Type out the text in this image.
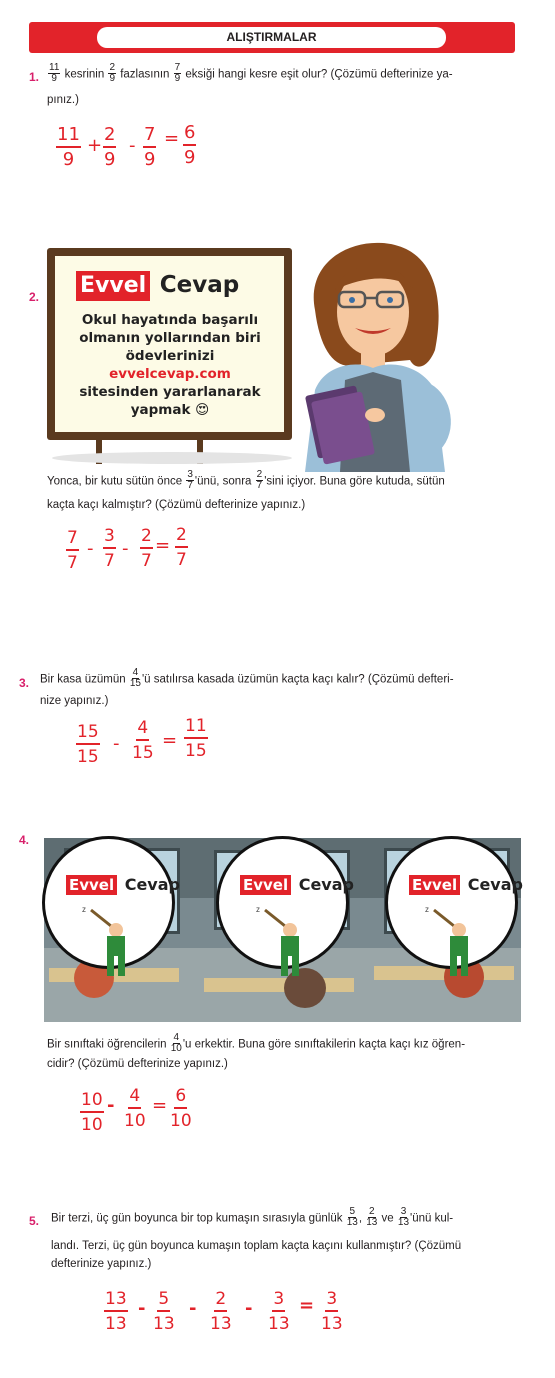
ALIŞTIRMALAR
1. $\frac{11}{9}$ kesrinin $\frac{2}{9}$ fazlasının $\frac{7}{9}$ eksiği hangi kesre eşit olur? (Çözümü defterinize ya-
pınız.)
11
9
+
2
9
-
7
9
= 6
9
2. Evvel Cevap
Okul hayatında başarılı
olmanın yollarından biri
ödevlerinizi
evvelcevap.com
sitesinden yararlanarak
yapmak 😍
Yonca, bir kutu sütün önce $\frac{3}{7}$ 'ünü, sonra $\frac{2}{7}$ 'sini içiyor. Buna göre kutuda, sütün
kaçta kaçı kalmıştır? (Çözümü defterinize yapınız.)
7
7
-
3
7
-
2
7
= 2
7
3. Bir kasa üzümün $\frac{4}{15}$ 'ü satılırsa kasada üzümün kaçta kaçı kalır? (Çözümü defteri-
nize yapınız.)
15
15
-
4
15
=
11
15
4.
Evvel Cevap	Evvel Cevap	Evvel Cevap
z	z	z
Bir sınıftaki öğrencilerin $\frac{4}{10}$ 'u erkektir. Buna göre sınıftakilerin kaçta kaçı kız öğren-
cidir? (Çözümü defterinize yapınız.)
10
10
- 4
10
= 6
10
5. Bir terzi, üç gün boyunca bir top kumaşın sırasıyla günlük $\frac{5}{13}$ , $\frac{2}{13}$ ve $\frac{3}{13}$ 'ünü kul-
landı. Terzi, üç gün boyunca kumaşın toplam kaçta kaçını kullanmıştır? (Çözümü
defterinize yapınız.)
13
13
- 5
13
- 2
13
- 3
13
= 3
13
